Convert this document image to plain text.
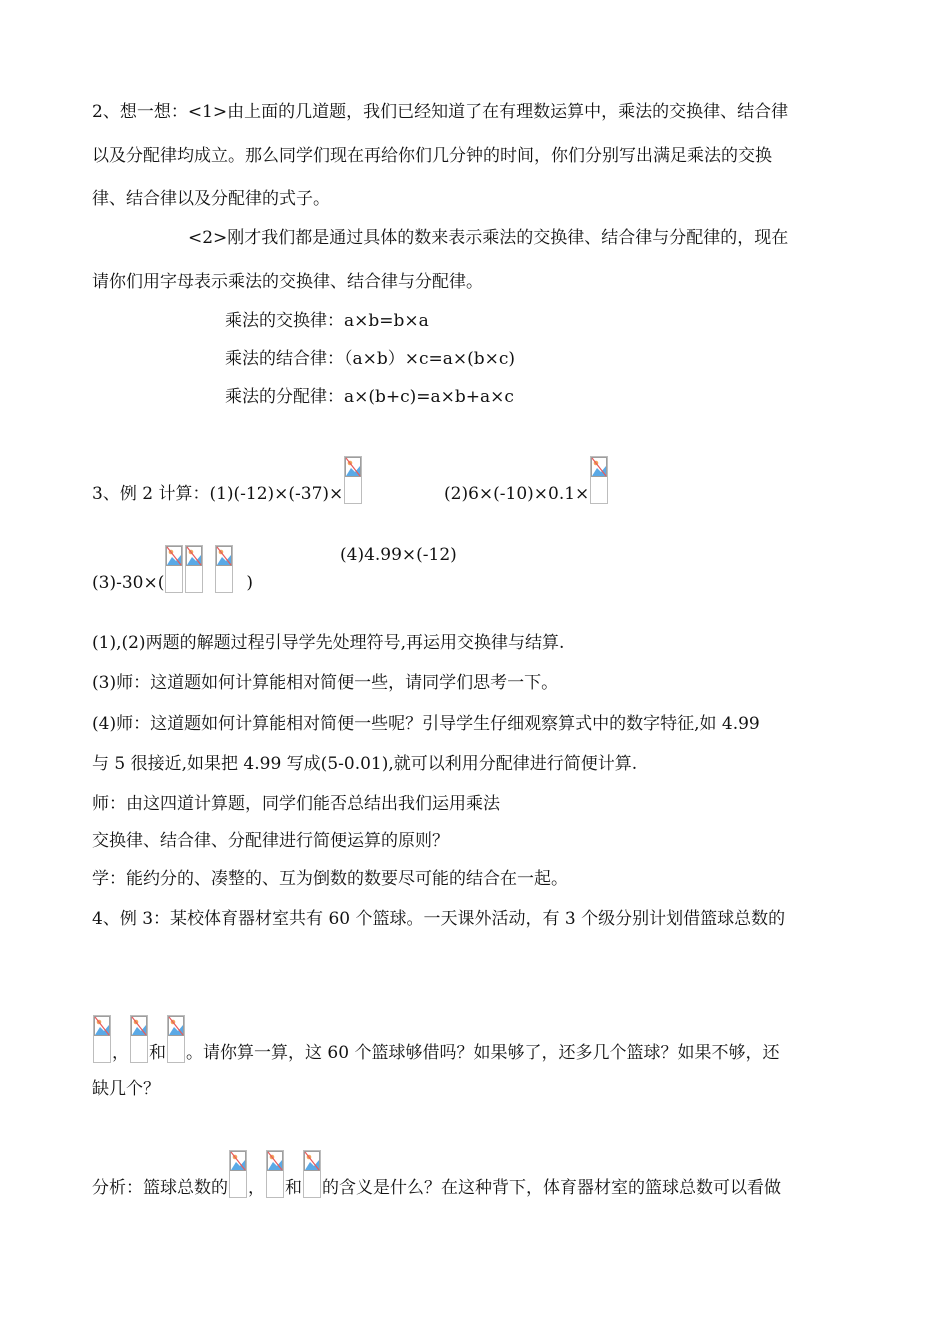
2、想一想：<1>由上面的几道题，我们已经知道了在有理数运算中，乘法的交换律、结合律
以及分配律均成立。那么同学们现在再给你们几分钟的时间，你们分别写出满足乘法的交换
律、结合律以及分配律的式子。
<2>刚才我们都是通过具体的数来表示乘法的交换律、结合律与分配律的，现在
请你们用字母表示乘法的交换律、结合律与分配律。
乘法的交换律：a×b=b×a
乘法的结合律：（a×b）×c=a×(b×c)
乘法的分配律：a×(b+c)=a×b+a×c
3、例 2 计算：(1)(-12)×(-37)×	(2)6×(-10)×0.1×
(3)-30×(	)
(4)4.99×(-12)
(1),(2)两题的解题过程引导学先处理符号,再运用交换律与结算.
(3)师：这道题如何计算能相对简便一些，请同学们思考一下。
(4)师：这道题如何计算能相对简便一些呢？引导学生仔细观察算式中的数字特征,如 4.99
与 5 很接近,如果把 4.99 写成(5-0.01),就可以利用分配律进行简便计算.
师：由这四道计算题，同学们能否总结出我们运用乘法
交换律、结合律、分配律进行简便运算的原则？
学：能约分的、凑整的、互为倒数的数要尽可能的结合在一起。
4、例 3：某校体育器材室共有 60 个篮球。一天课外活动，有 3 个级分别计划借篮球总数的
， 和 。请你算一算，这 60 个篮球够借吗？如果够了，还多几个篮球？如果不够，还
缺几个？
分析：篮球总数的 ， 和 的含义是什么？在这种背下，体育器材室的篮球总数可以看做
